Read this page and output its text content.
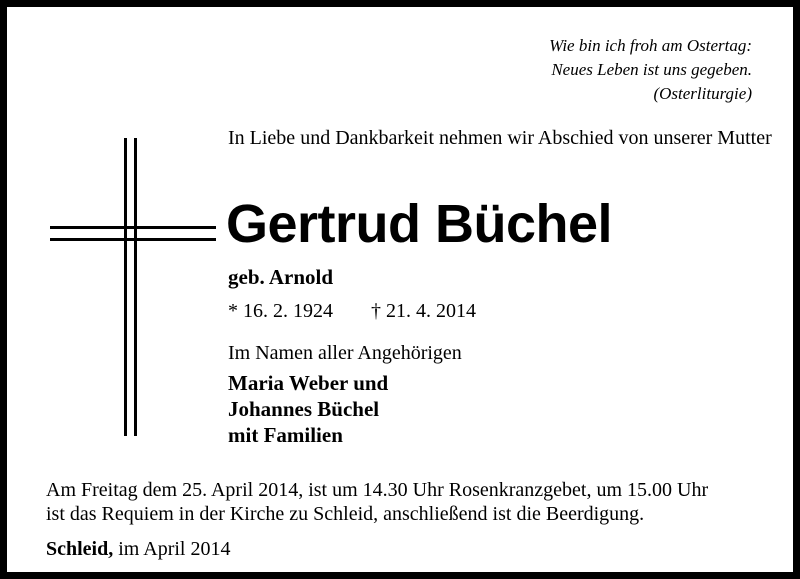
Wie bin ich froh am Ostertag:
Neues Leben ist uns gegeben.
(Osterliturgie)
In Liebe und Dankbarkeit nehmen wir Abschied von unserer Mutter
Gertrud Büchel
geb. Arnold
* 16. 2. 1924 † 21. 4. 2014
Im Namen aller Angehörigen
Maria Weber und
Johannes Büchel
mit Familien
Am Freitag dem 25. April 2014, ist um 14.30 Uhr Rosenkranzgebet, um 15.00 Uhr
ist das Requiem in der Kirche zu Schleid, anschließend ist die Beerdigung.
Schleid, im April 2014
